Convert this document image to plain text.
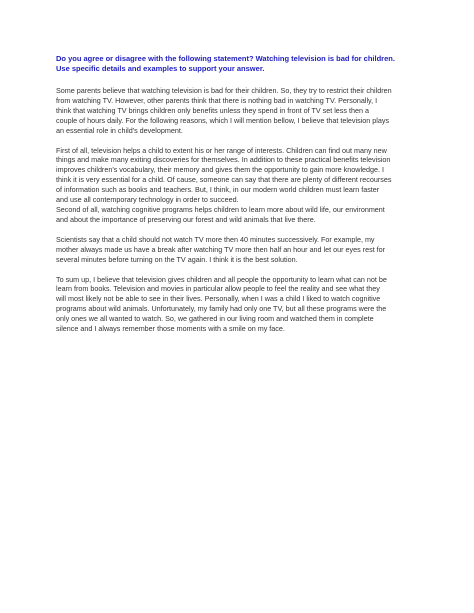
Do you agree or disagree with the following statement? Watching television is bad for children.
Use specific details and examples to support your answer.

Some parents believe that watching television is bad for their children. So, they try to restrict their children
from watching TV. However, other parents think that there is nothing bad in watching TV. Personally, I
think that watching TV brings children only benefits unless they spend in front of TV set less then a
couple of hours daily. For the following reasons, which I will mention bellow, I believe that television plays
an essential role in child's development.

First of all, television helps a child to extent his or her range of interests. Children can find out many new
things and make many exiting discoveries for themselves. In addition to these practical benefits television
improves children's vocabulary, their memory and gives them the opportunity to gain more knowledge. I
think it is very essential for a child. Of cause, someone can say that there are plenty of different recourses
of information such as books and teachers. But, I think, in our modern world children must learn faster
and use all contemporary technology in order to succeed.

Second of all, watching cognitive programs helps children to learn more about wild life, our environment
and about the importance of preserving our forest and wild animals that live there.

Scientists say that a child should not watch TV more then 40 minutes successively. For example, my
mother always made us have a break after watching TV more then half an hour and let our eyes rest for
several minutes before turning on the TV again. I think it is the best solution.

To sum up, I believe that television gives children and all people the opportunity to learn what can not be
learn from books. Television and movies in particular allow people to feel the reality and see what they
will most likely not be able to see in their lives. Personally, when I was a child I liked to watch cognitive
programs about wild animals. Unfortunately, my family had only one TV, but all these programs were the
only ones we all wanted to watch. So, we gathered in our living room and watched them in complete
silence and I always remember those moments with a smile on my face.
